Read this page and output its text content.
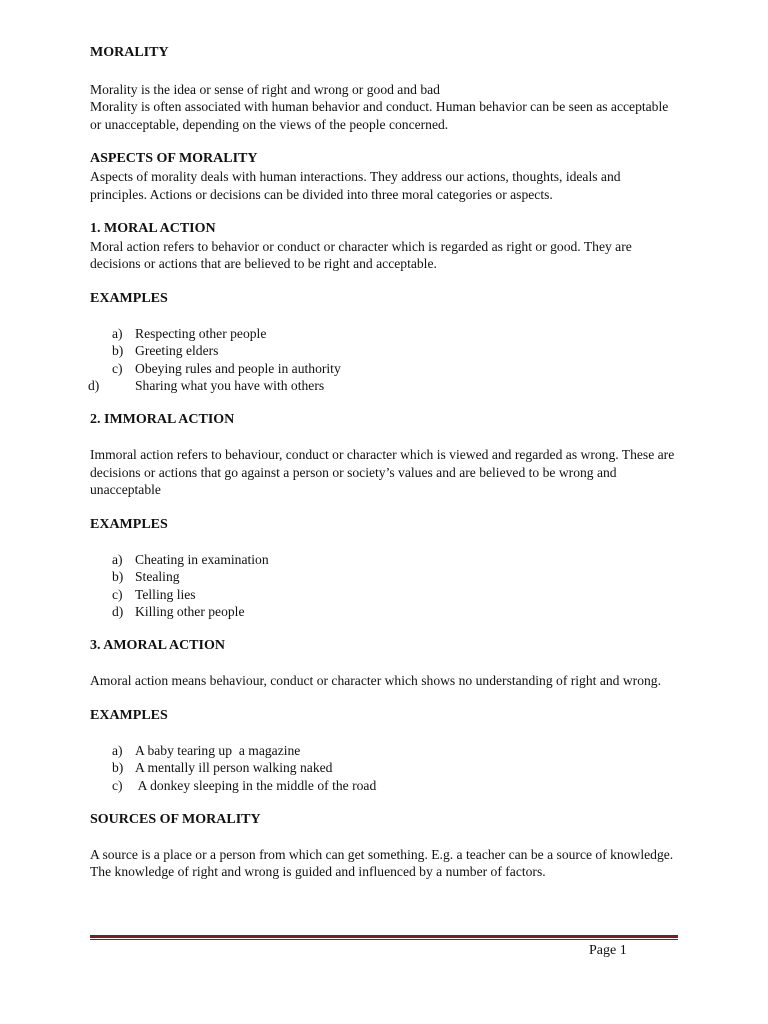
MORALITY

Morality is the idea or sense of right and wrong or good and bad

Morality is often associated with human behavior and conduct. Human behavior can be seen as acceptable or unacceptable, depending on the views of the people concerned.

ASPECTS OF MORALITY

Aspects of morality deals with human interactions. They address our actions, thoughts, ideals and principles. Actions or decisions can be divided into three moral categories or aspects.

1. MORAL ACTION

Moral action refers to behavior or conduct or character which is regarded as right or good. They are decisions or actions that are believed to be right and acceptable.

EXAMPLES
a) Respecting other people
b) Greeting elders
c) Obeying rules and people in authority
d)	Sharing what you have with others
2. IMMORAL ACTION

Immoral action refers to behaviour, conduct or character which is viewed and regarded as wrong. These are decisions or actions that go against a person or society’s values and are believed to be wrong and unacceptable

EXAMPLES
a) Cheating in examination
b) Stealing
c) Telling lies
d) Killing other people
3. AMORAL ACTION

Amoral action means behaviour, conduct or character which shows no understanding of right and wrong.

EXAMPLES
a) A baby tearing up  a magazine
b) A mentally ill person walking naked
c) A donkey sleeping in the middle of the road
SOURCES OF MORALITY

A source is a place or a person from which can get something. E.g. a teacher can be a source of knowledge. The knowledge of right and wrong is guided and influenced by a number of factors.

Page 1
